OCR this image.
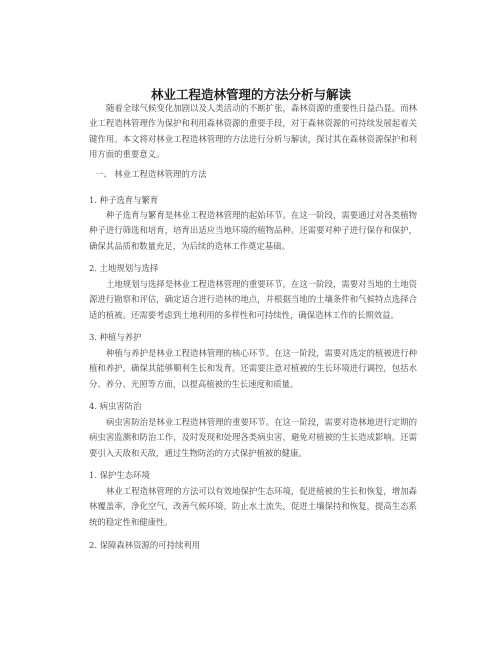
林业工程造林管理的方法分析与解读

随着全球气候变化加剧以及人类活动的不断扩张，森林资源的重要性日益凸显。而林业工程造林管理作为保护和利用森林资源的重要手段，对于森林资源的可持续发展起着关键作用。本文将对林业工程造林管理的方法进行分析与解读，探讨其在森林资源保护和利用方面的重要意义。

一、 林业工程造林管理的方法

1. 种子选育与繁育

种子选育与繁育是林业工程造林管理的起始环节。在这一阶段，需要通过对各类植物种子进行筛选和培育，培育出适应当地环境的植物品种。还需要对种子进行保存和保护，确保其品质和数量充足，为后续的造林工作奠定基础。

2. 土地规划与选择

土地规划与选择是林业工程造林管理的重要环节。在这一阶段，需要对当地的土地资源进行勘察和评估，确定适合进行造林的地点，并根据当地的土壤条件和气候特点选择合适的植被。还需要考虑到土地利用的多样性和可持续性，确保造林工作的长期效益。

3. 种植与养护

种植与养护是林业工程造林管理的核心环节。在这一阶段，需要对选定的植被进行种植和养护，确保其能够顺利生长和发育。还需要注意对植被的生长环境进行调控，包括水分、养分、光照等方面，以提高植被的生长速度和质量。

4. 病虫害防治

病虫害防治是林业工程造林管理的重要环节。在这一阶段，需要对造林地进行定期的病虫害监测和防治工作，及时发现和处理各类病虫害，避免对植被的生长造成影响。还需要引入天敌和天敌，通过生物防治的方式保护植被的健康。

1. 保护生态环境

林业工程造林管理的方法可以有效地保护生态环境，促进植被的生长和恢复，增加森林覆盖率，净化空气，改善气候环境，防止水土流失，促进土壤保持和恢复，提高生态系统的稳定性和健康性。

2. 保障森林资源的可持续利用
